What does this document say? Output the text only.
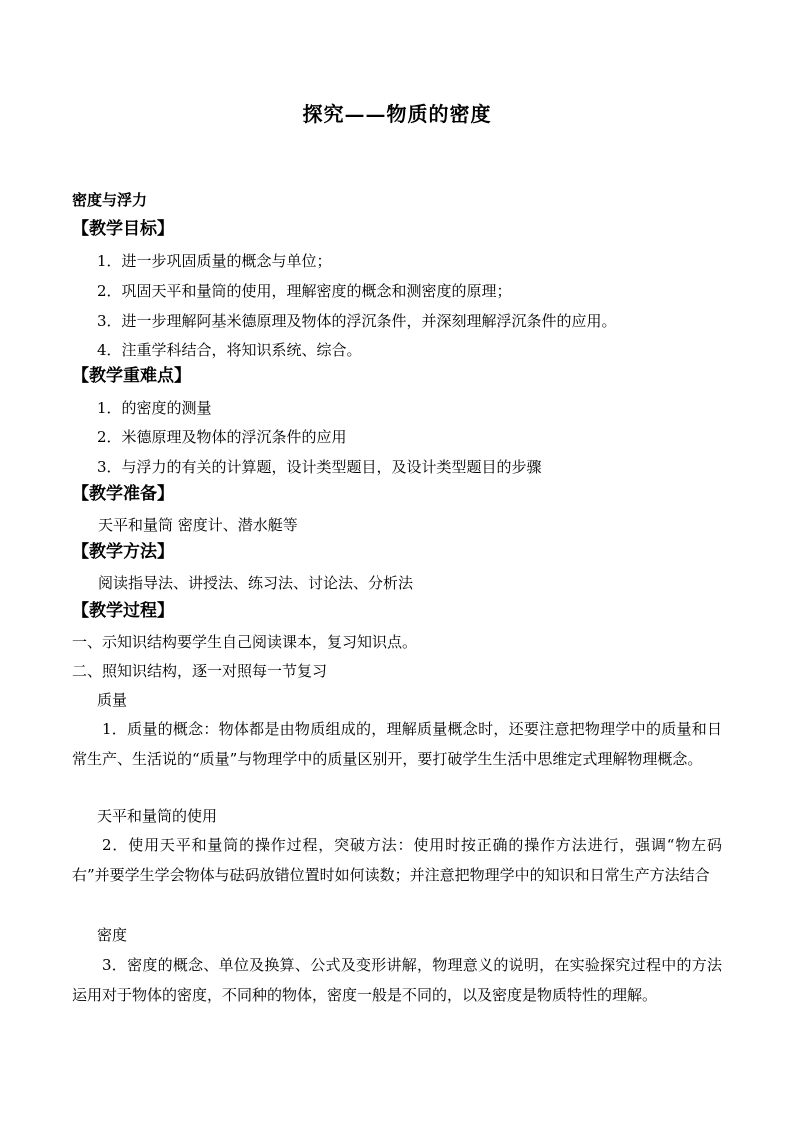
探究——物质的密度
密度与浮力
【教学目标】
1．进一步巩固质量的概念与单位；
2．巩固天平和量筒的使用，理解密度的概念和测密度的原理；
3．进一步理解阿基米德原理及物体的浮沉条件，并深刻理解浮沉条件的应用。
4．注重学科结合，将知识系统、综合。
【教学重难点】
1．的密度的测量
2．米德原理及物体的浮沉条件的应用
3．与浮力的有关的计算题，设计类型题目，及设计类型题目的步骤
【教学准备】
天平和量筒 密度计、潜水艇等
【教学方法】
阅读指导法、讲授法、练习法、讨论法、分析法
【教学过程】
一、示知识结构要学生自己阅读课本，复习知识点。
二、照知识结构，逐一对照每一节复习
质量
1．质量的概念：物体都是由物质组成的，理解质量概念时，还要注意把物理学中的质量和日常生产、生活说的“质量”与物理学中的质量区别开，要打破学生生活中思维定式理解物理概念。
天平和量筒的使用
2．使用天平和量筒的操作过程，突破方法：使用时按正确的操作方法进行，强调“物左码右”并要学生学会物体与砝码放错位置时如何读数；并注意把物理学中的知识和日常生产方法结合
密度
3．密度的概念、单位及换算、公式及变形讲解，物理意义的说明，在实验探究过程中的方法运用对于物体的密度，不同种的物体，密度一般是不同的，以及密度是物质特性的理解。
